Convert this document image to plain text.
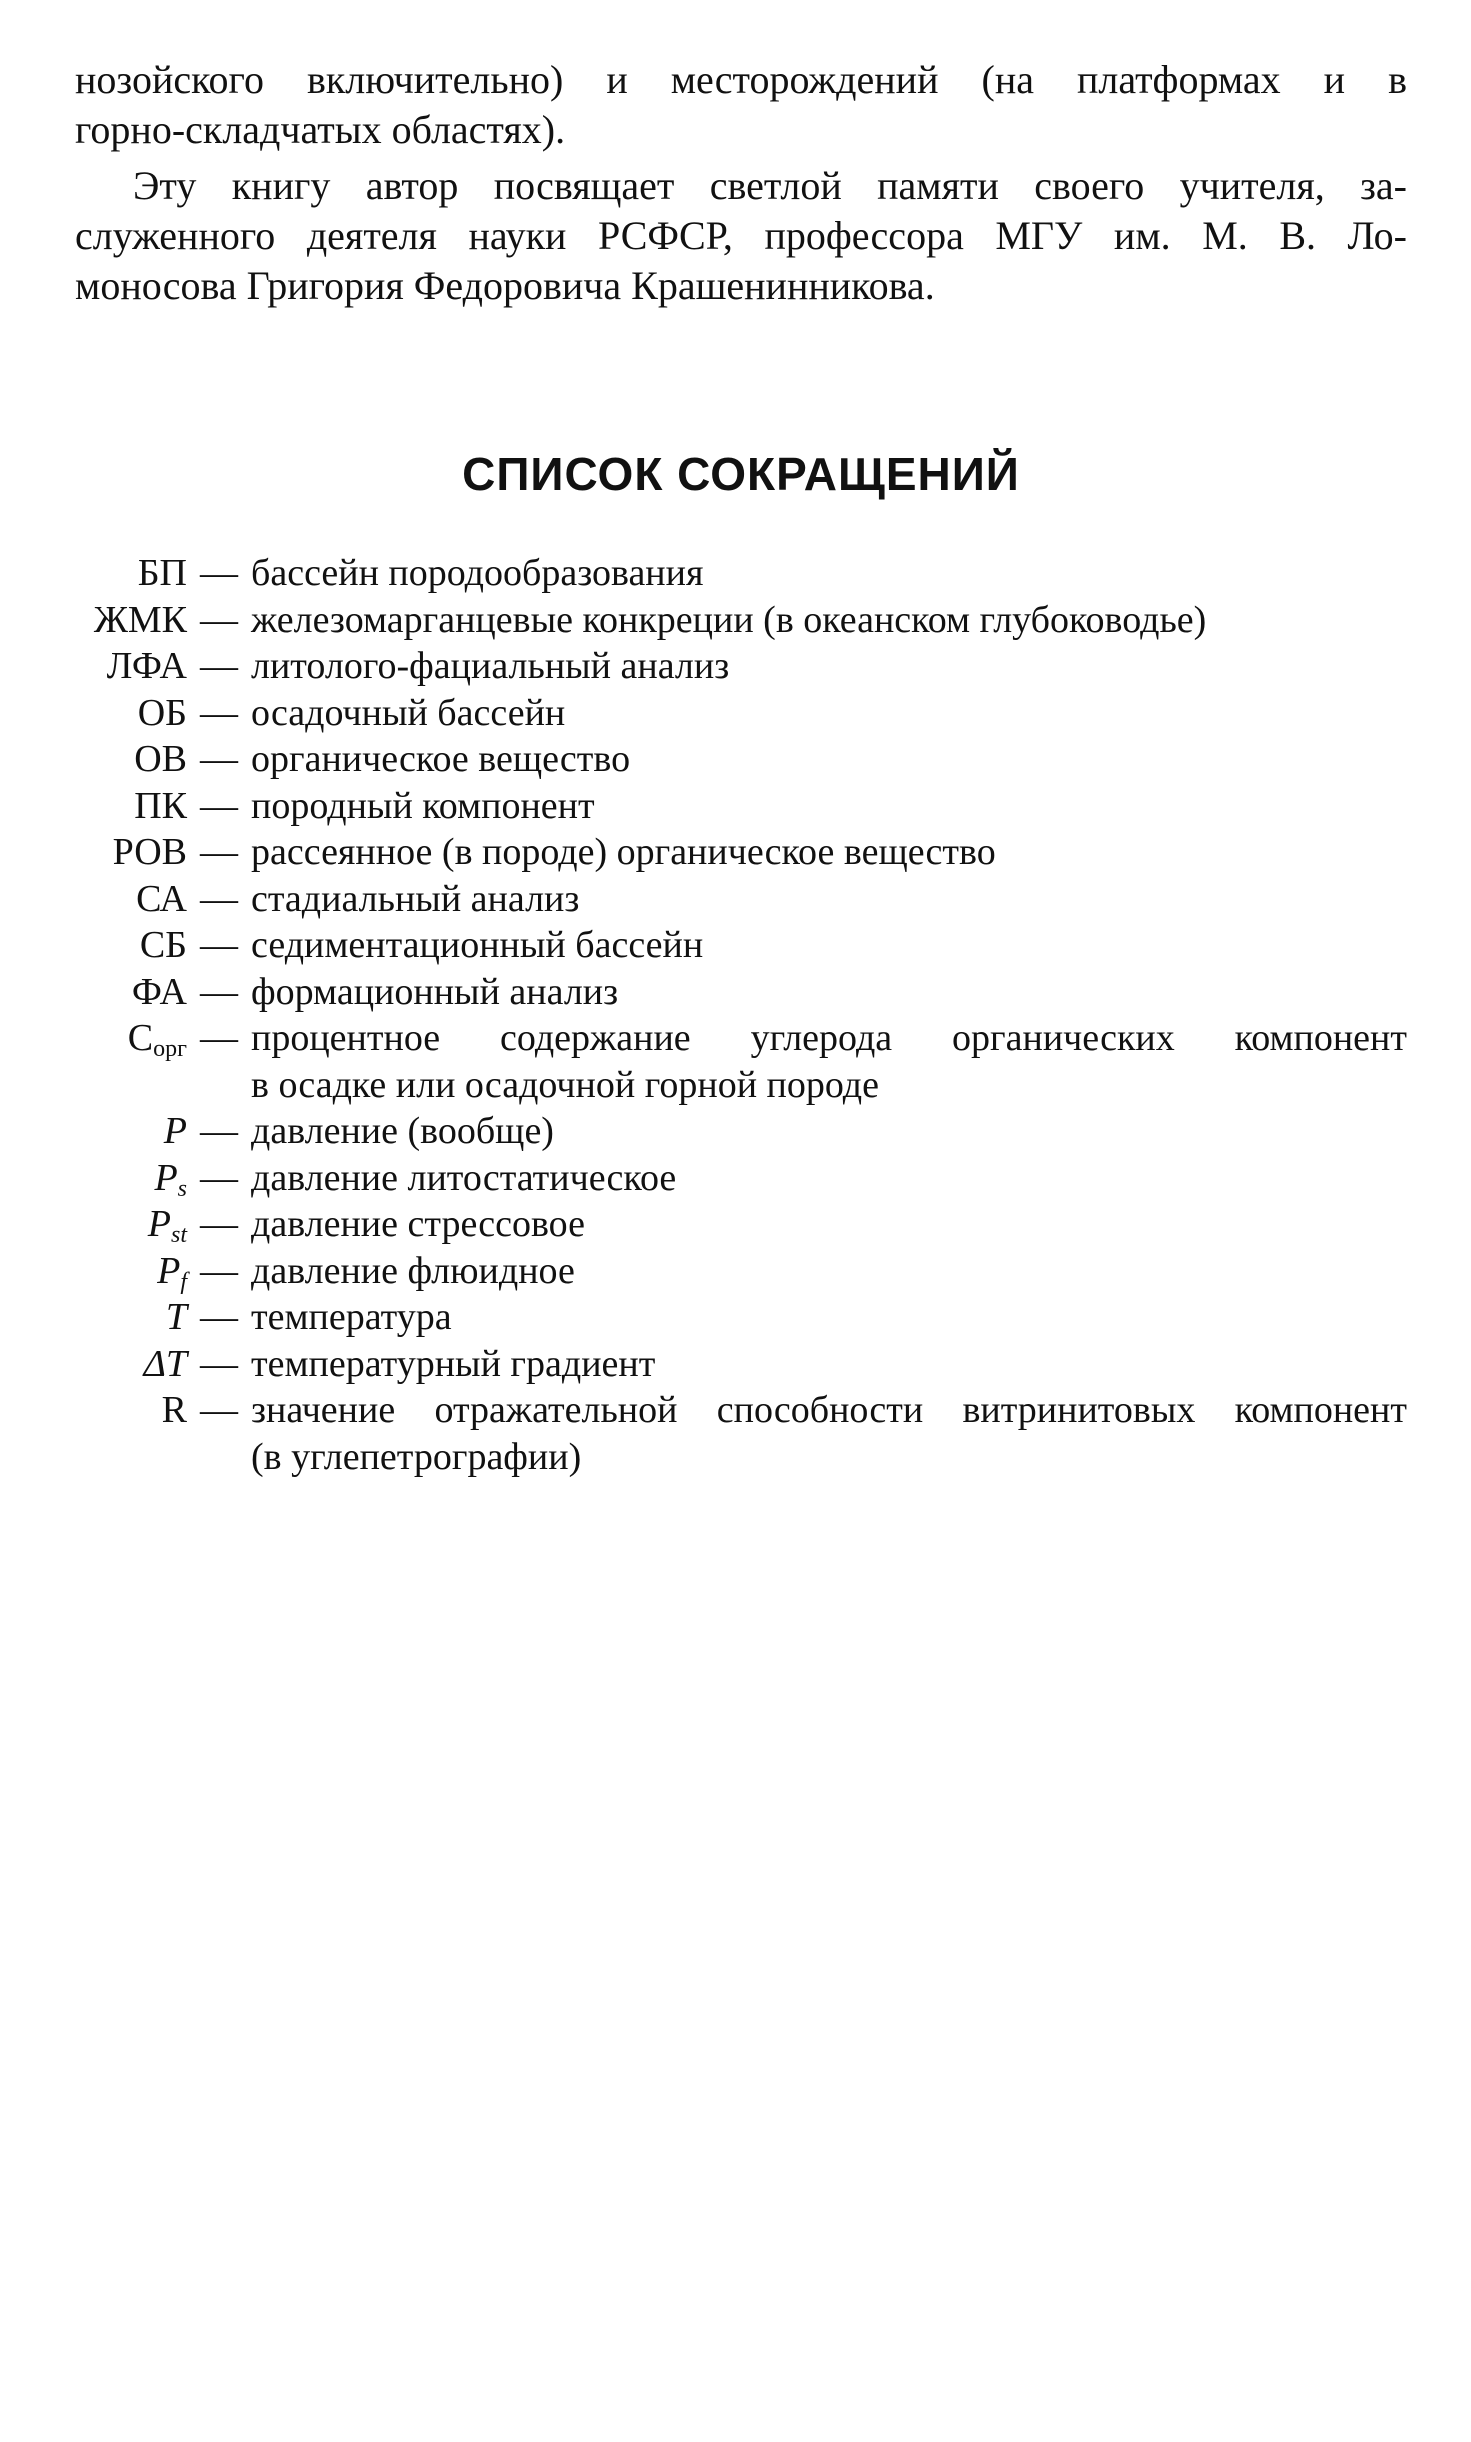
нозойского включительно) и месторождений (на платформах и в
горно-складчатых областях).
Эту книгу автор посвящает светлой памяти своего учителя, за-
служенного деятеля науки РСФСР, профессора МГУ им. М. В. Ло-
моносова Григория Федоровича Крашенинникова.
СПИСОК СОКРАЩЕНИЙ
БП — бассейн породообразования
ЖМК — железомарганцевые конкреции (в океанском глубоководье)
ЛФА — литолого-фациальный анализ
ОБ — осадочный бассейн
ОВ — органическое вещество
ПК — породный компонент
РОВ — рассеянное (в породе) органическое вещество
СА — стадиальный анализ
СБ — седиментационный бассейн
ФА — формационный анализ
$C_{орг}$ — процентное содержание углерода органических компонент
в осадке или осадочной горной породе
P — давление (вообще)
$P_s$ — давление литостатическое
$P_{st}$ — давление стрессовое
$P_f$ — давление флюидное
T — температура
ΔT — температурный градиент
R — значение отражательной способности витринитовых компонент
(в углепетрографии)
